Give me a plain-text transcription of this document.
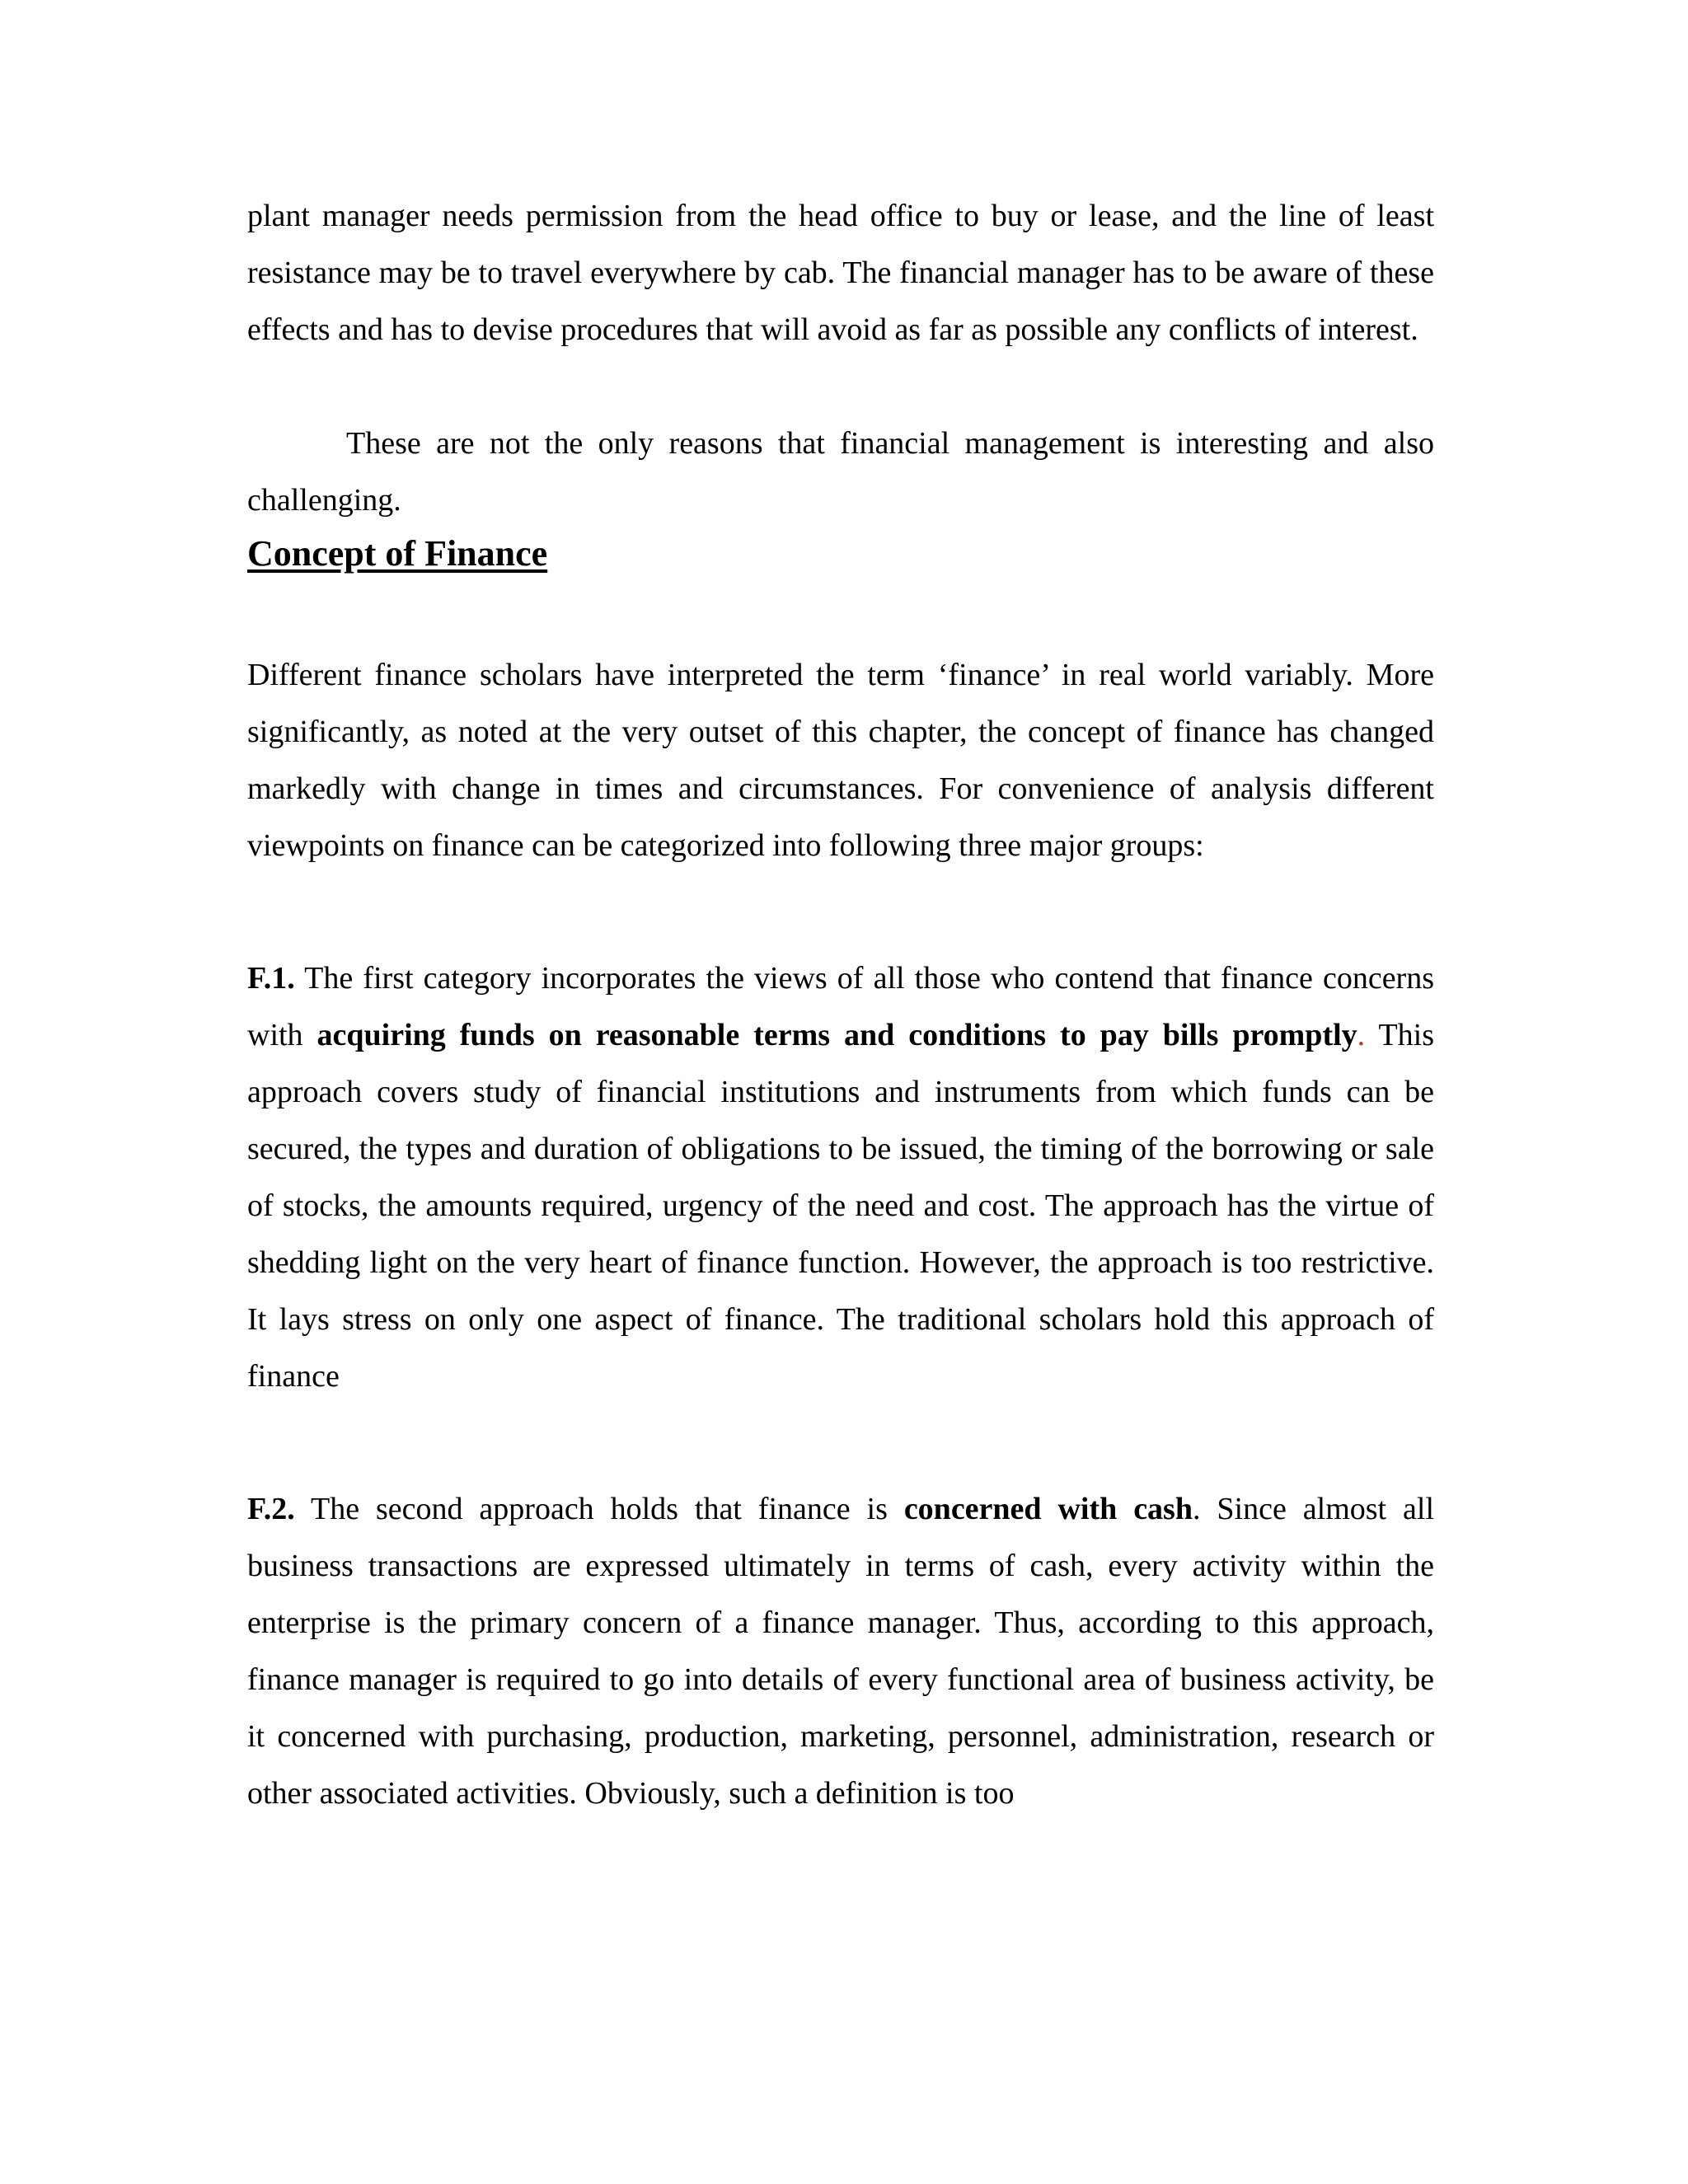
plant manager needs permission from the head office to buy or lease, and the line of least resistance may be to travel everywhere by cab. The financial manager has to be aware of these effects and has to devise procedures that will avoid as far as possible any conflicts of interest.

These are not the only reasons that financial management is interesting and also challenging.

Concept of Finance

Different finance scholars have interpreted the term ‘finance’ in real world variably. More significantly, as noted at the very outset of this chapter, the concept of finance has changed markedly with change in times and circumstances. For convenience of analysis different viewpoints on finance can be categorized into following three major groups:

F.1. The first category incorporates the views of all those who contend that finance concerns with acquiring funds on reasonable terms and conditions to pay bills promptly. This approach covers study of financial institutions and instruments from which funds can be secured, the types and duration of obligations to be issued, the timing of the borrowing or sale of stocks, the amounts required, urgency of the need and cost. The approach has the virtue of shedding light on the very heart of finance function. However, the approach is too restrictive. It lays stress on only one aspect of finance. The traditional scholars hold this approach of finance

F.2. The second approach holds that finance is concerned with cash. Since almost all business transactions are expressed ultimately in terms of cash, every activity within the enterprise is the primary concern of a finance manager. Thus, according to this approach, finance manager is required to go into details of every functional area of business activity, be it concerned with purchasing, production, marketing, personnel, administration, research or other associated activities. Obviously, such a definition is too
